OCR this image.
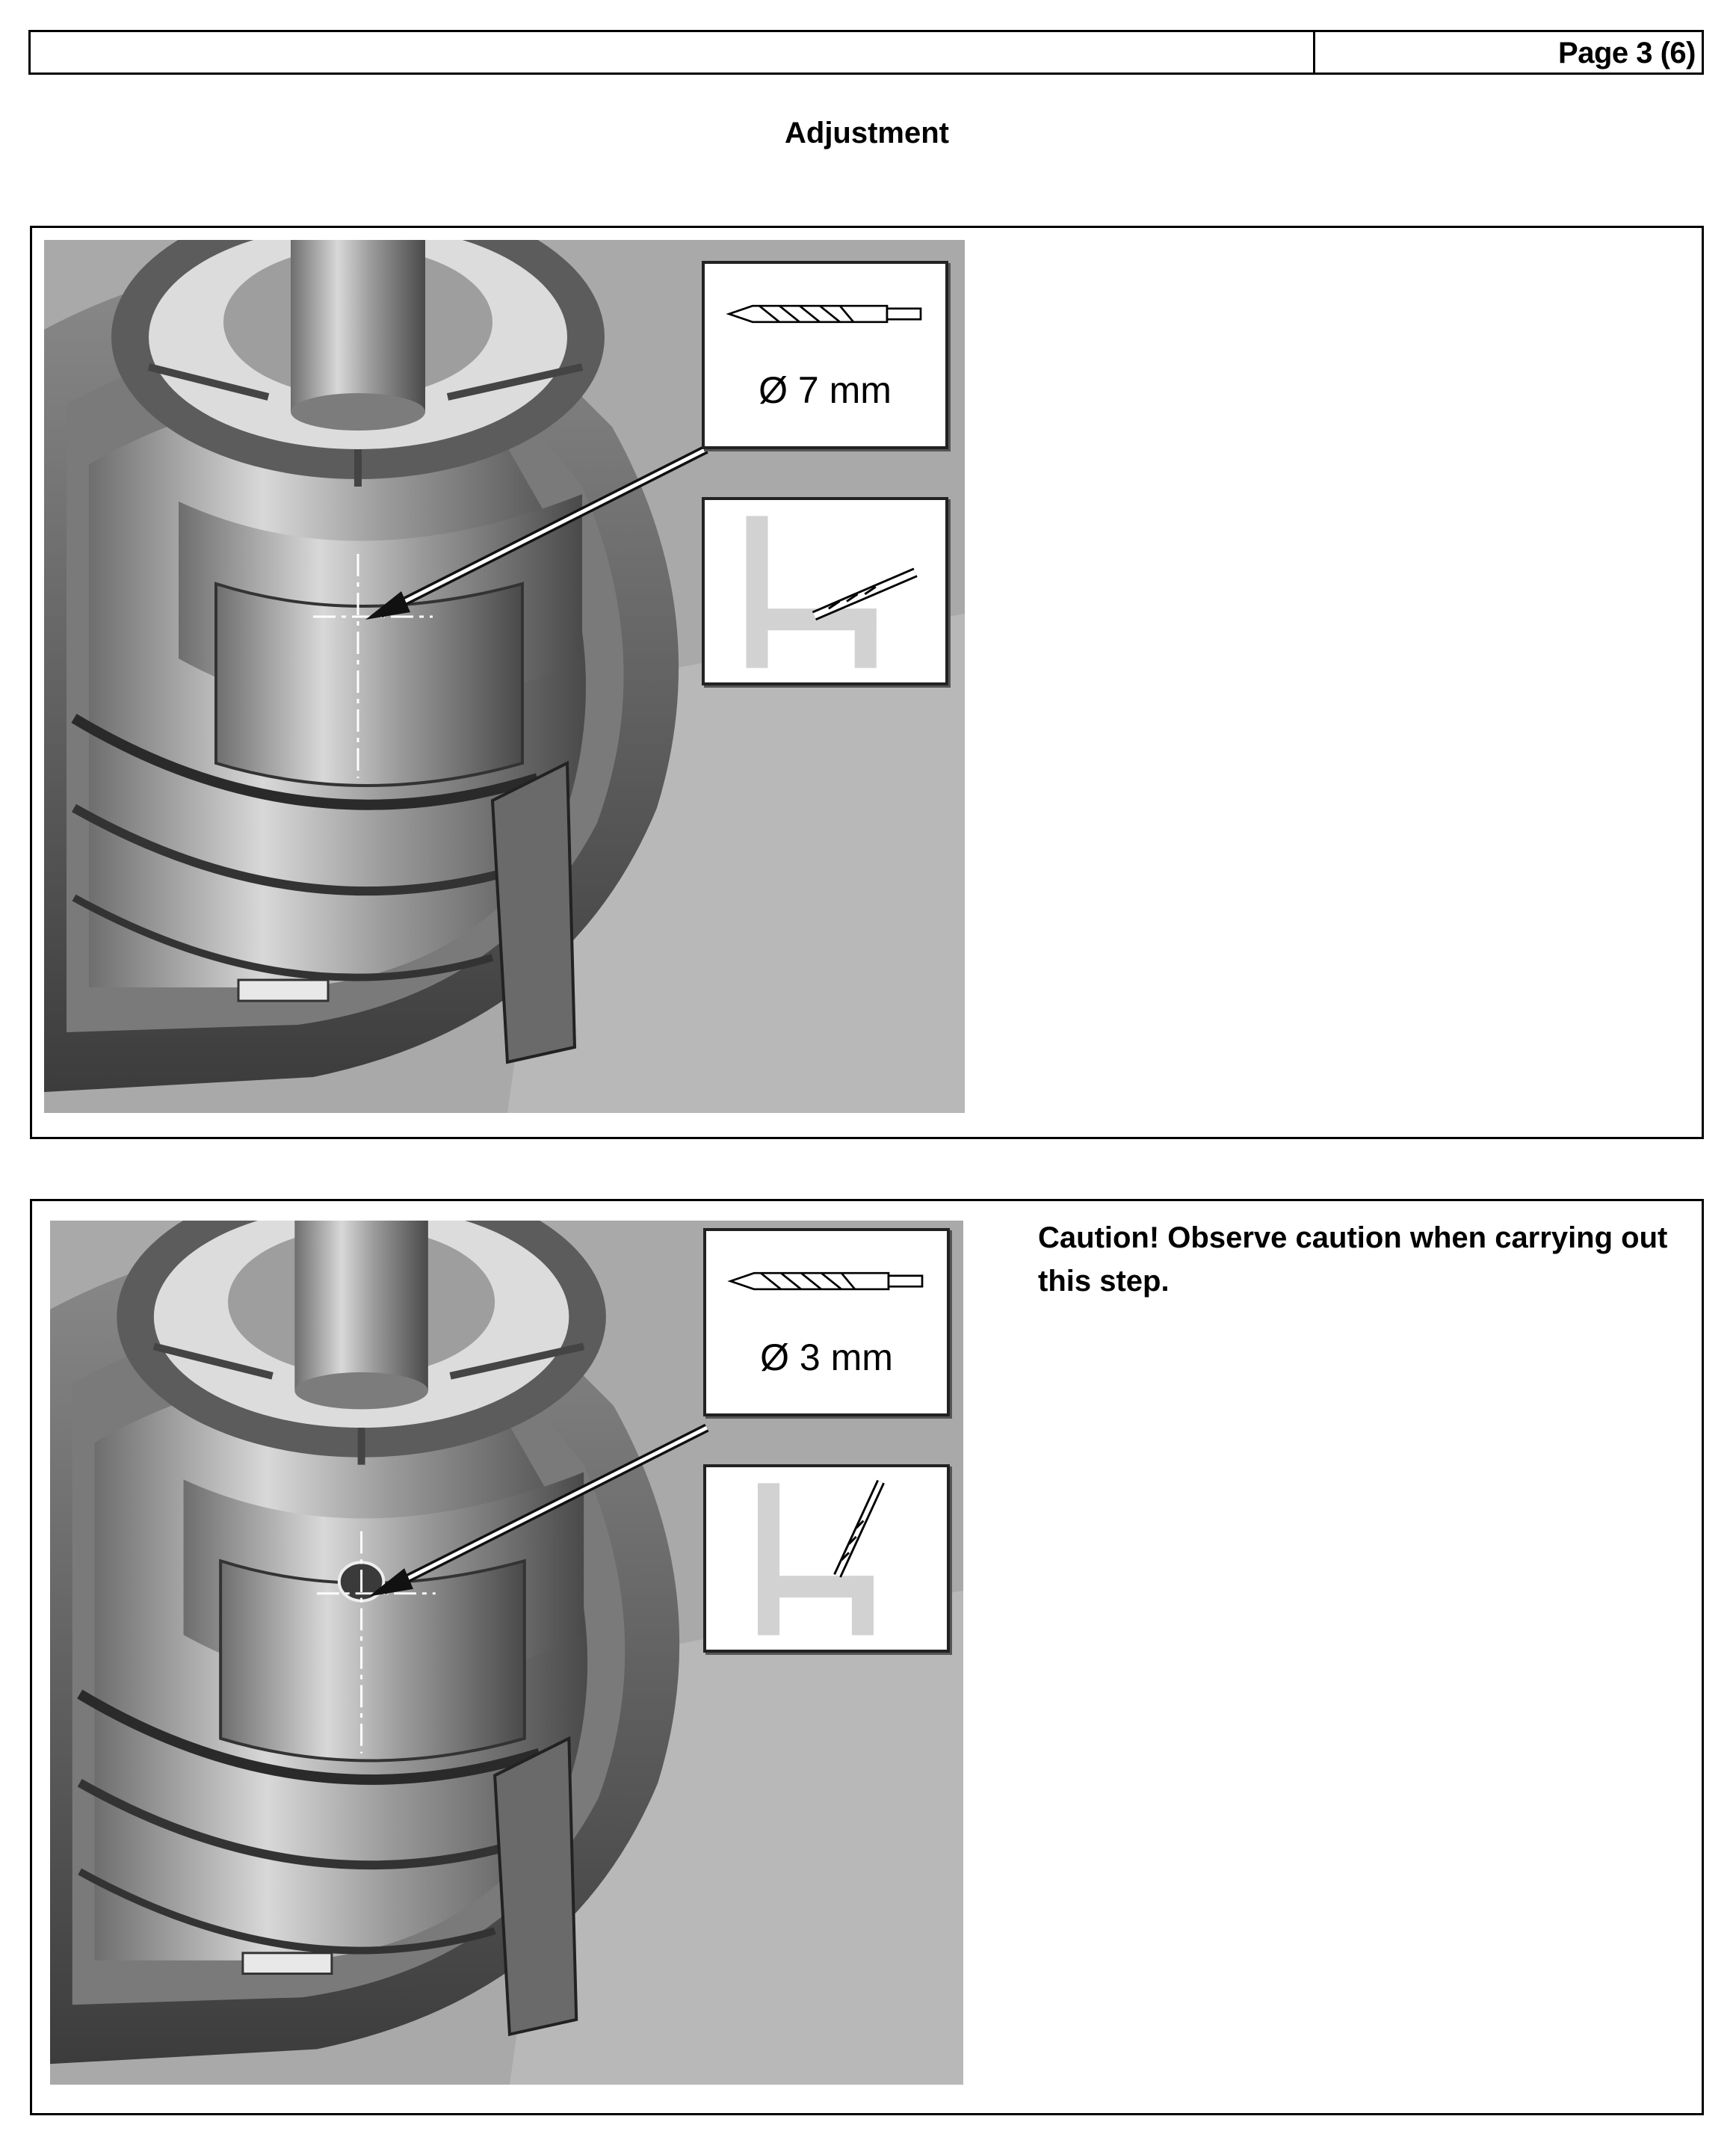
Page 3 (6)
Adjustment
Ø 7 mm
Ø 3 mm
Caution! Observe caution when carrying out this step.
